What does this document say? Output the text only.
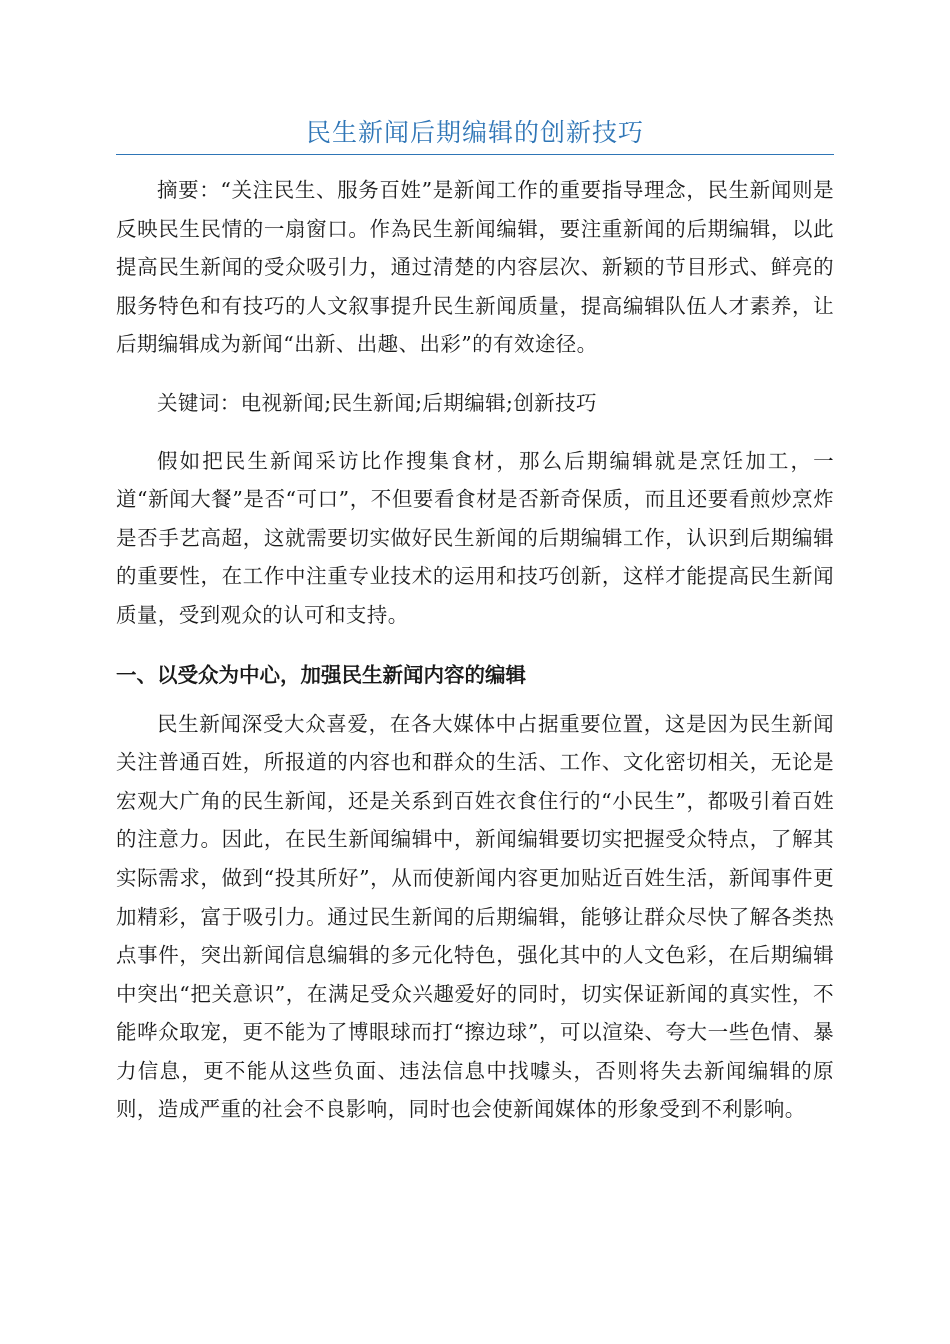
民生新闻后期编辑的创新技巧

摘要：“关注民生、服务百姓”是新闻工作的重要指导理念，民生新闻则是反映民生民情的一扇窗口。作為民生新闻编辑，要注重新闻的后期编辑，以此提高民生新闻的受众吸引力，通过清楚的内容层次、新颖的节目形式、鲜亮的服务特色和有技巧的人文叙事提升民生新闻质量，提高编辑队伍人才素养，让后期编辑成为新闻“出新、出趣、出彩”的有效途径。

关键词：电视新闻;民生新闻;后期编辑;创新技巧

假如把民生新闻采访比作搜集食材，那么后期编辑就是烹饪加工，一道“新闻大餐”是否“可口”，不但要看食材是否新奇保质，而且还要看煎炒烹炸是否手艺高超，这就需要切实做好民生新闻的后期编辑工作，认识到后期编辑的重要性，在工作中注重专业技术的运用和技巧创新，这样才能提高民生新闻质量，受到观众的认可和支持。

一、以受众为中心，加强民生新闻内容的编辑

民生新闻深受大众喜爱，在各大媒体中占据重要位置，这是因为民生新闻关注普通百姓，所报道的内容也和群众的生活、工作、文化密切相关，无论是宏观大广角的民生新闻，还是关系到百姓衣食住行的“小民生”，都吸引着百姓的注意力。因此，在民生新闻编辑中，新闻编辑要切实把握受众特点，了解其实际需求，做到“投其所好”，从而使新闻内容更加贴近百姓生活，新闻事件更加精彩，富于吸引力。通过民生新闻的后期编辑，能够让群众尽快了解各类热点事件，突出新闻信息编辑的多元化特色，强化其中的人文色彩，在后期编辑中突出“把关意识”，在满足受众兴趣爱好的同时，切实保证新闻的真实性，不能哗众取宠，更不能为了博眼球而打“擦边球”，可以渲染、夸大一些色情、暴力信息，更不能从这些负面、违法信息中找噱头，否则将失去新闻编辑的原则，造成严重的社会不良影响，同时也会使新闻媒体的形象受到不利影响。
